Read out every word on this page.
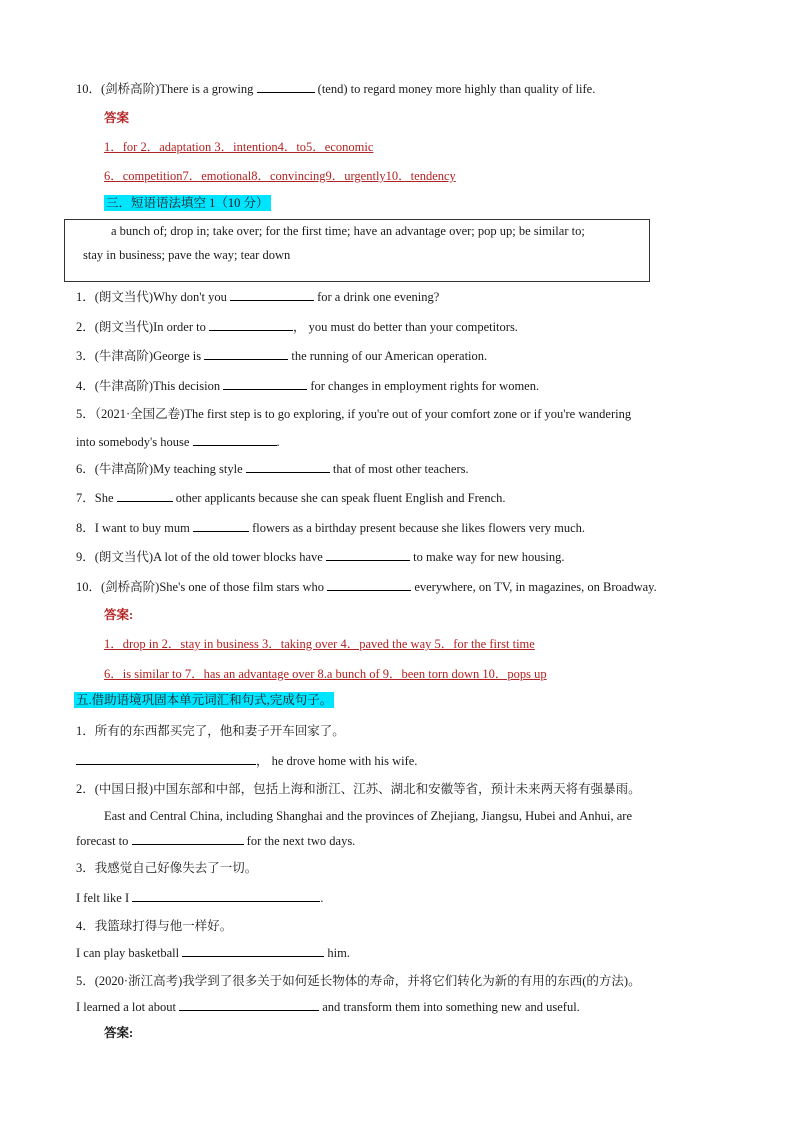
10．(剑桥高阶)There is a growing	(tend) to regard money more highly than quality of life.
答案
1．for 2．adaptation 3．intention4．to5．economic
6．competition7．emotional8．convincing9．urgently10．tendency
三．短语语法填空 1（10 分）
a bunch of; drop in; take over; for the first time; have an advantage over; pop up; be similar to;
stay in business; pave the way; tear down
1．(朗文当代)Why don't you	for a drink one evening?
2．(朗文当代)In order to	， you must do better than your competitors.
3．(牛津高阶)George is	the running of our American operation.
4．(牛津高阶)This decision	for changes in employment rights for women.
5．（2021·全国乙卷)The first step is to go exploring, if you're out of your comfort zone or if you're wandering
into somebody's house	.
6．(牛津高阶)My teaching style	that of most other teachers.
7．She	other applicants because she can speak fluent English and French.
8．I want to buy mum	flowers as a birthday present because she likes flowers very much.
9．(朗文当代)A lot of the old tower blocks have	to make way for new housing.
10．(剑桥高阶)She's one of those film stars who	everywhere, on TV, in magazines, on Broadway.
答案:
1．drop in 2．stay in business 3．taking over 4．paved the way 5．for the first time
6．is similar to 7．has an advantage over 8.a bunch of 9．been torn down 10．pops up
五.借助语境巩固本单元词汇和句式,完成句子。
1．所有的东西都买完了，他和妻子开车回家了。
， he drove home with his wife.
2．(中国日报)中国东部和中部，包括上海和浙江、江苏、湖北和安徽等省，预计未来两天将有强暴雨。
East and Central China, including Shanghai and the provinces of Zhejiang, Jiangsu, Hubei and Anhui, are
forecast to	for the next two days.
3．我感觉自己好像失去了一切。
I felt like I	.
4．我篮球打得与他一样好。
I can play basketball	him.
5．(2020·浙江高考)我学到了很多关于如何延长物体的寿命，并将它们转化为新的有用的东西(的方法)。
I learned a lot about	and transform them into something new and useful.
答案:
